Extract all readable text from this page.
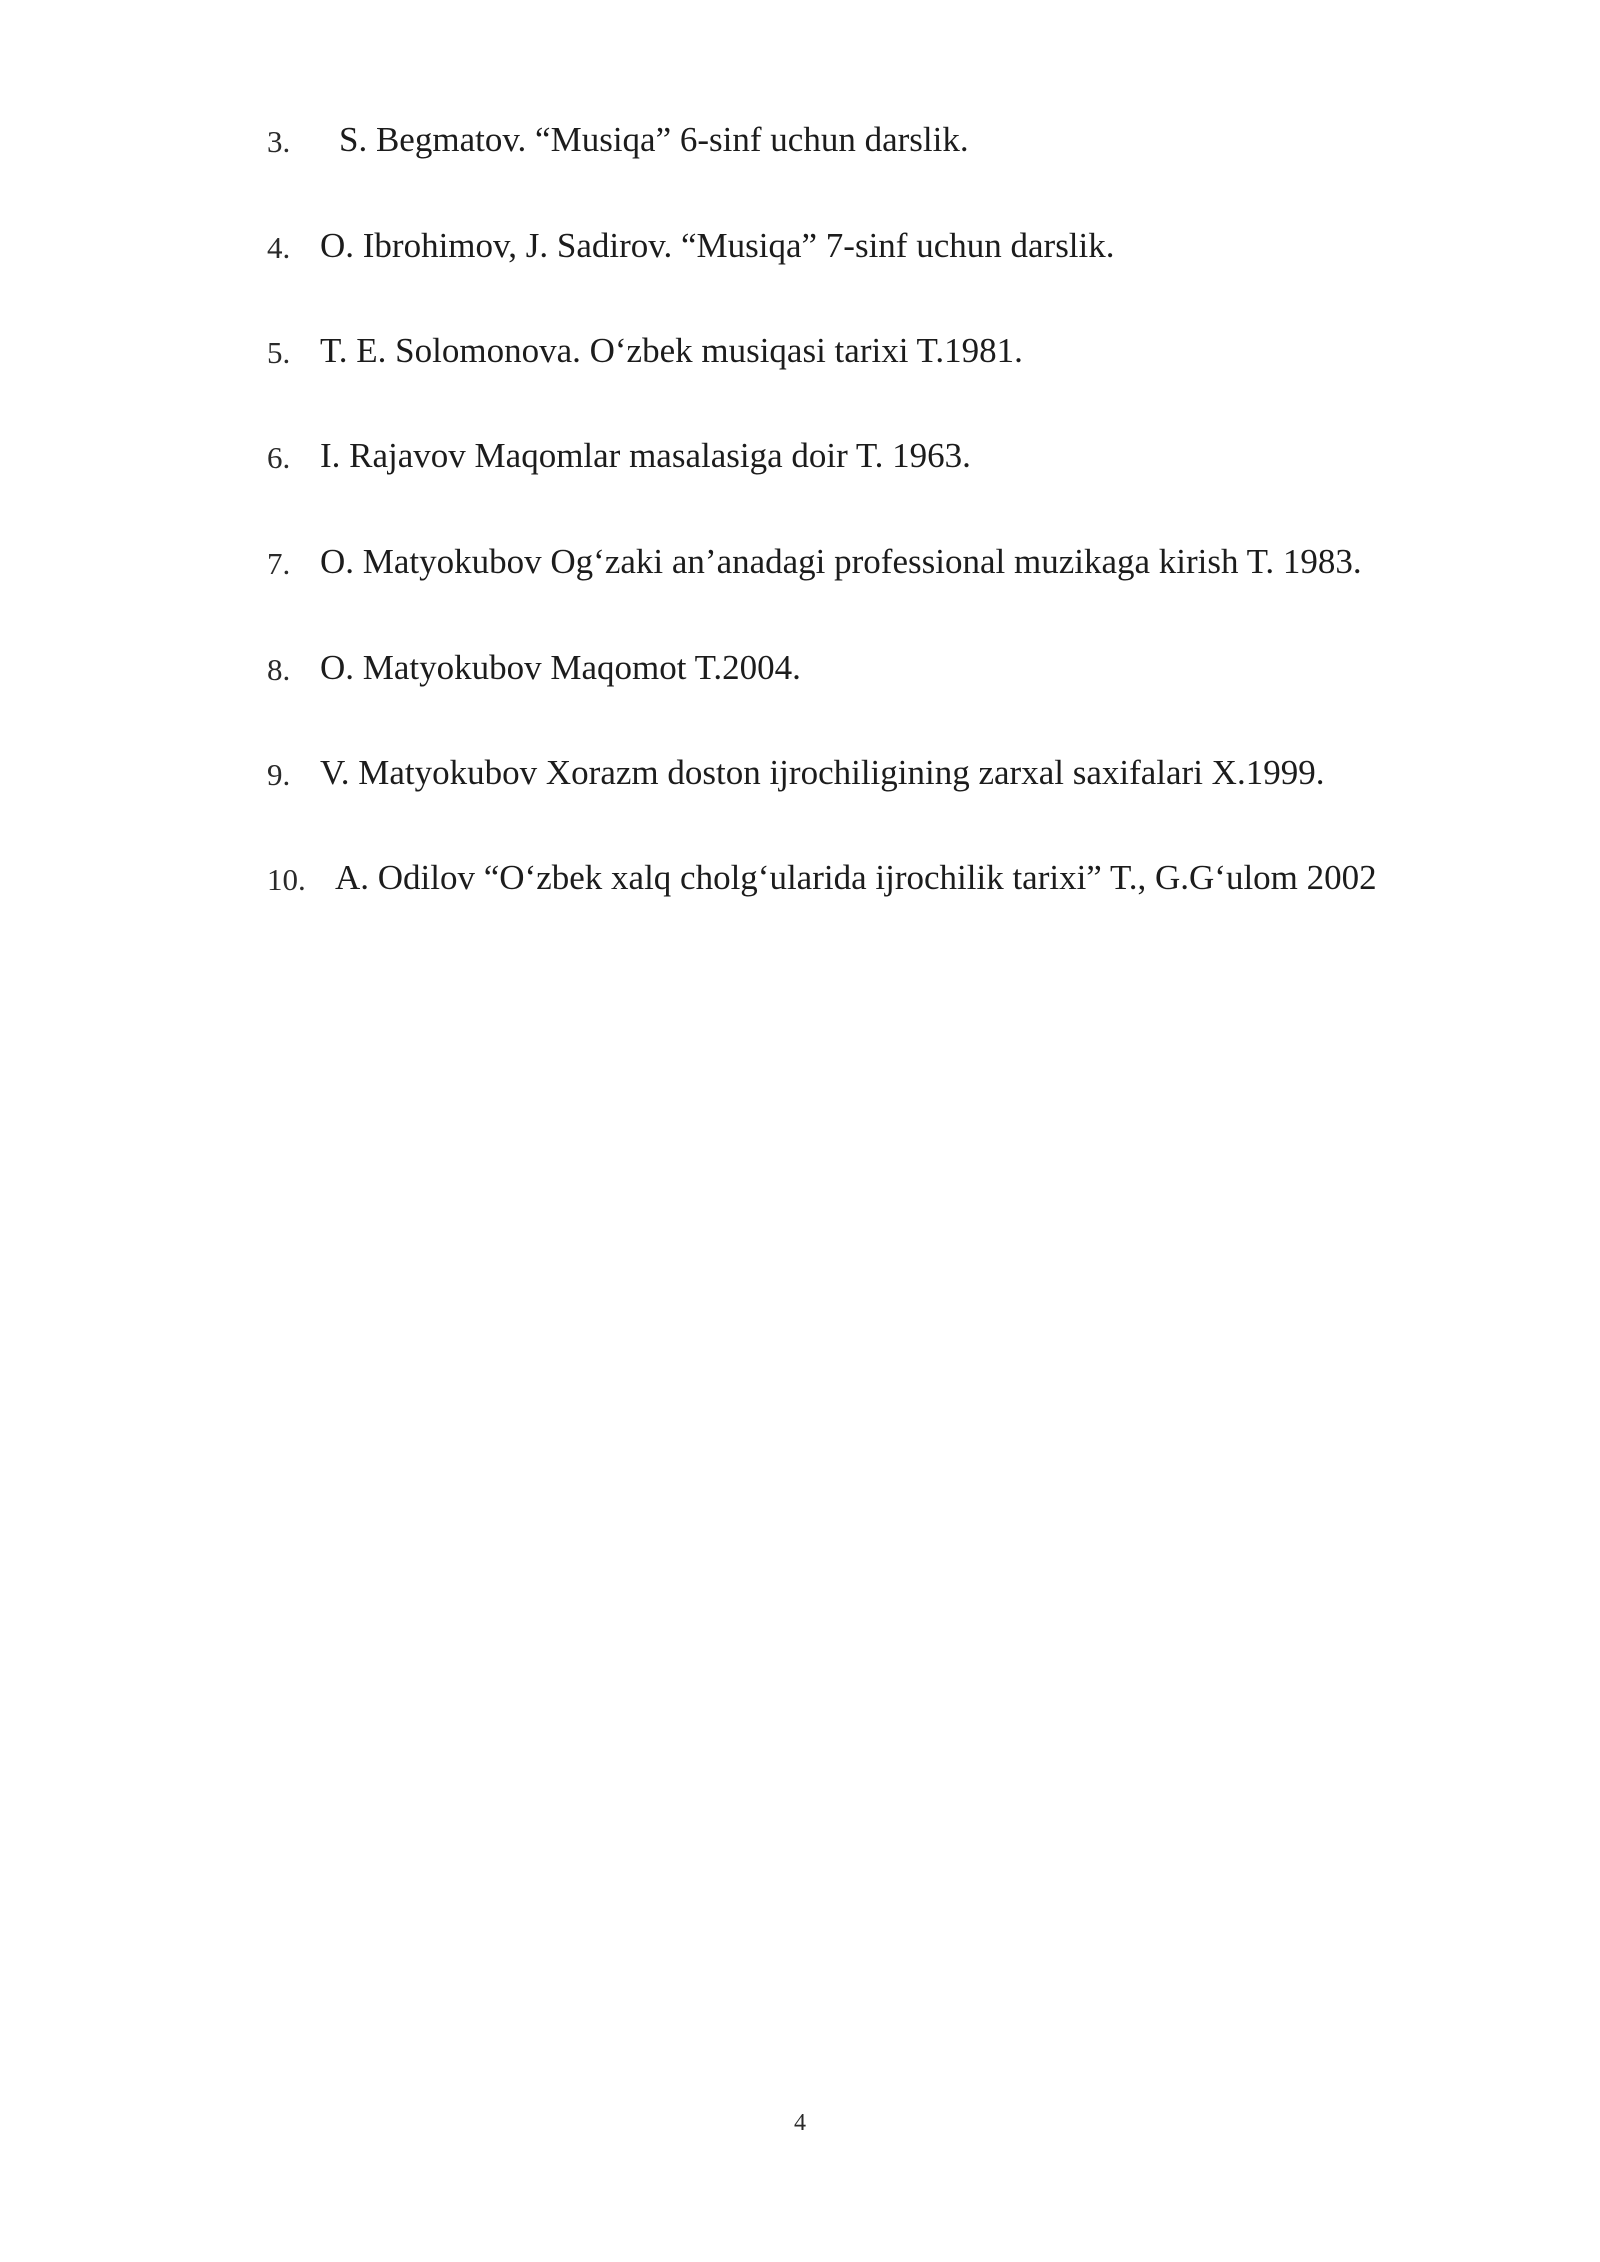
3. S. Begmatov. “Musiqa” 6-sinf uchun darslik.
4. O. Ibrohimov, J. Sadirov. “Musiqa” 7-sinf uchun darslik.
5. T. E. Solomonova. O‘zbek musiqasi tarixi T.1981.
6. I. Rajavov Maqomlar masalasiga doir T. 1963.
7. O. Matyokubov Og‘zaki an’anadagi professional muzikaga kirish T. 1983.
8. O. Matyokubov Maqomot T.2004.
9. V. Matyokubov Xorazm doston ijrochiligining zarxal saxifalari X.1999.
10. A. Odilov “O‘zbek xalq cholg‘ularida ijrochilik tarixi” T., G.G‘ulom 2002
4
